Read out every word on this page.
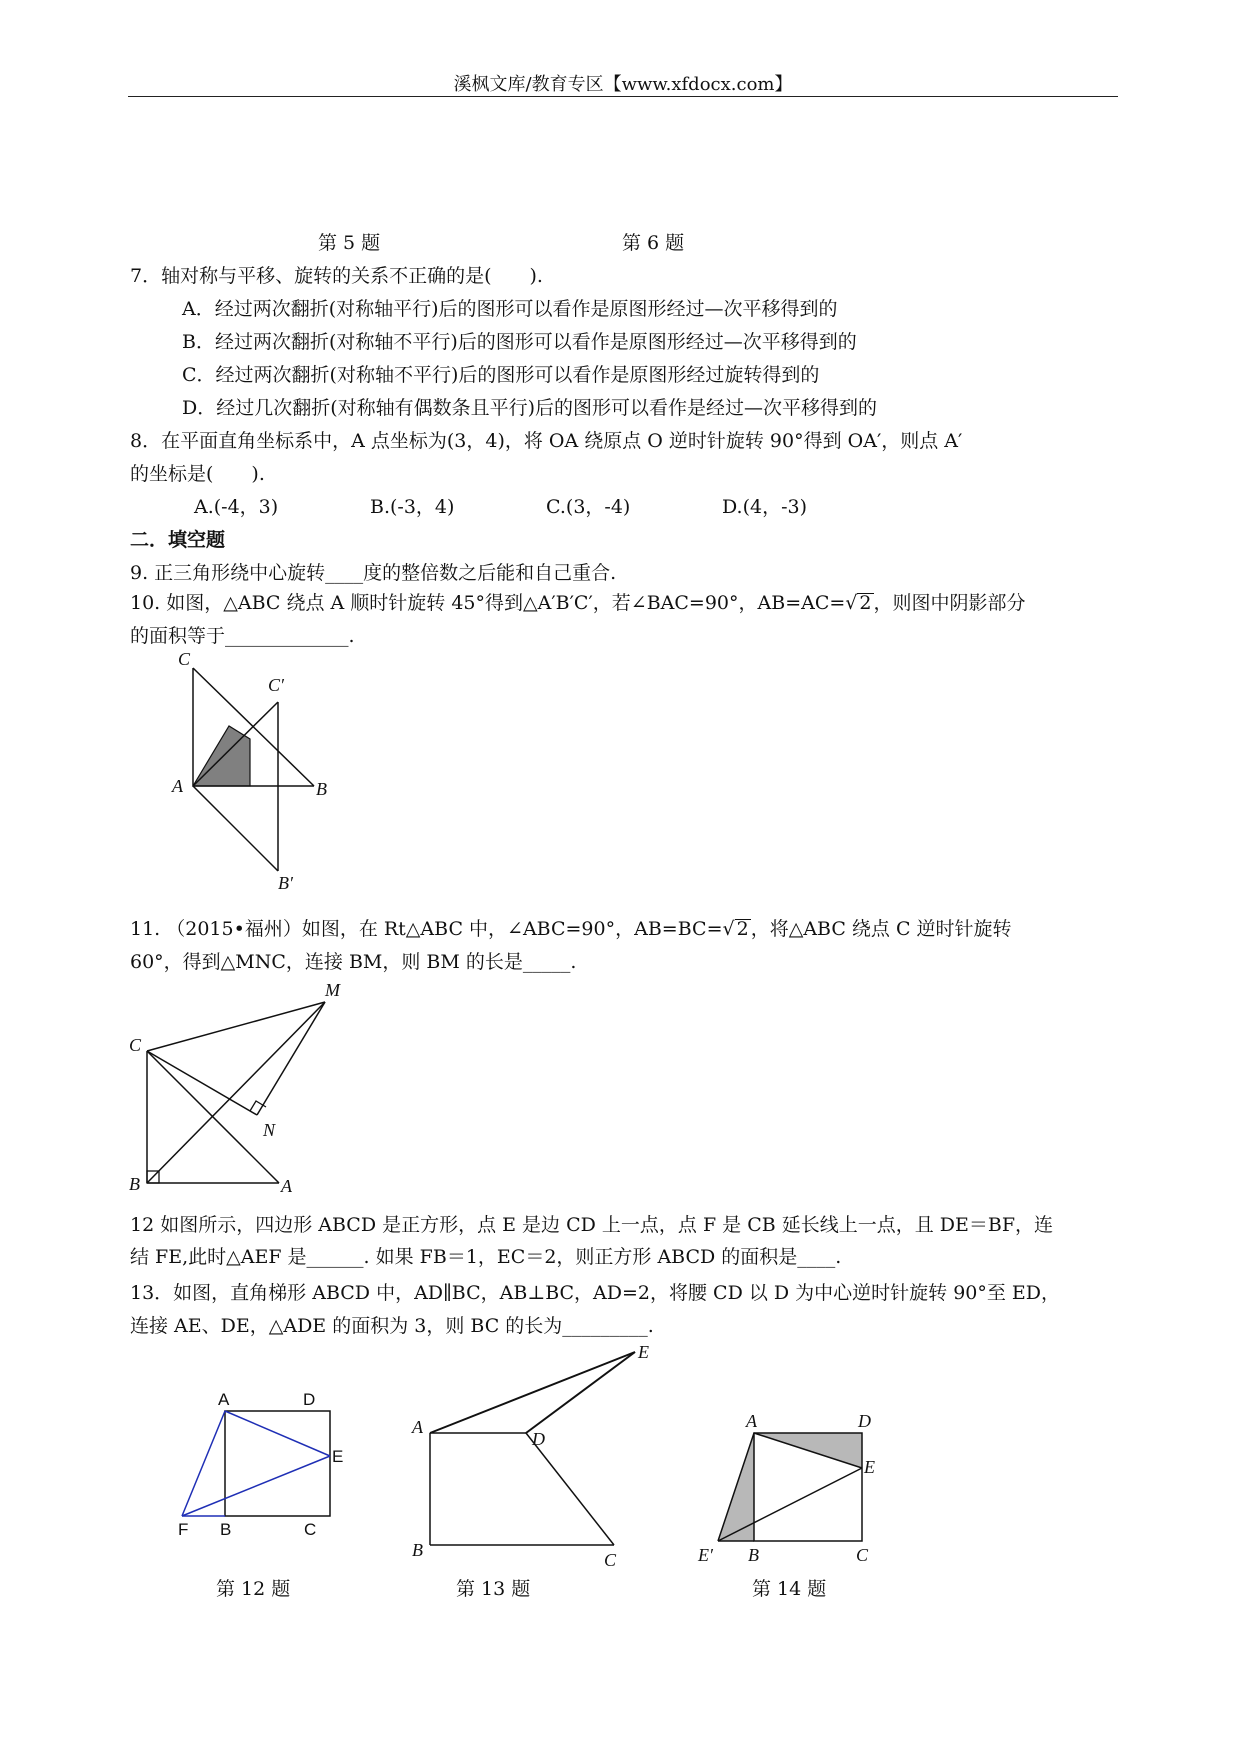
溪枫文库/教育专区【www.xfdocx.com】
第 5 题	第 6 题
7．轴对称与平移、旋转的关系不正确的是(　　).
A．经过两次翻折(对称轴平行)后的图形可以看作是原图形经过—次平移得到的
B．经过两次翻折(对称轴不平行)后的图形可以看作是原图形经过—次平移得到的
C．经过两次翻折(对称轴不平行)后的图形可以看作是原图形经过旋转得到的
D．经过几次翻折(对称轴有偶数条且平行)后的图形可以看作是经过—次平移得到的
8．在平面直角坐标系中，A 点坐标为(3，4)，将 OA 绕原点 O 逆时针旋转 90°得到 OA′，则点 A′
的坐标是(　　).
A.(-4，3)	B.(-3，4)	C.(3，-4)	D.(4，-3)
二．填空题
9. 正三角形绕中心旋转____度的整倍数之后能和自己重合.
10. 如图，△ABC 绕点 A 顺时针旋转 45°得到△A′B′C′，若∠BAC=90°，AB=AC=√ 2 ，则图中阴影部分
的面积等于_____________.
C
C′
A	B
B′
11. （2015•福州）如图，在 Rt△ABC 中，∠ABC=90°，AB=BC=√ 2 ，将△ABC 绕点 C 逆时针旋转
60°，得到△MNC，连接 BM，则 BM 的长是_____.
M
C
N
B	A
12 如图所示，四边形 ABCD 是正方形，点 E 是边 CD 上一点，点 F 是 CB 延长线上一点，且 DE＝BF，连
结 FE,此时△AEF 是______. 如果 FB＝1，EC＝2，则正方形 ABCD 的面积是____.
13．如图，直角梯形 ABCD 中，AD∥BC，AB⊥BC，AD=2，将腰 CD 以 D 为中心逆时针旋转 90°至 ED，
连接 AE、DE，△ADE 的面积为 3，则 BC 的长为_________.
A	D
E
F B	C
A
D
E
B	C
A	D
E
E′ B	C
第 12 题	第 13 题	第 14 题
